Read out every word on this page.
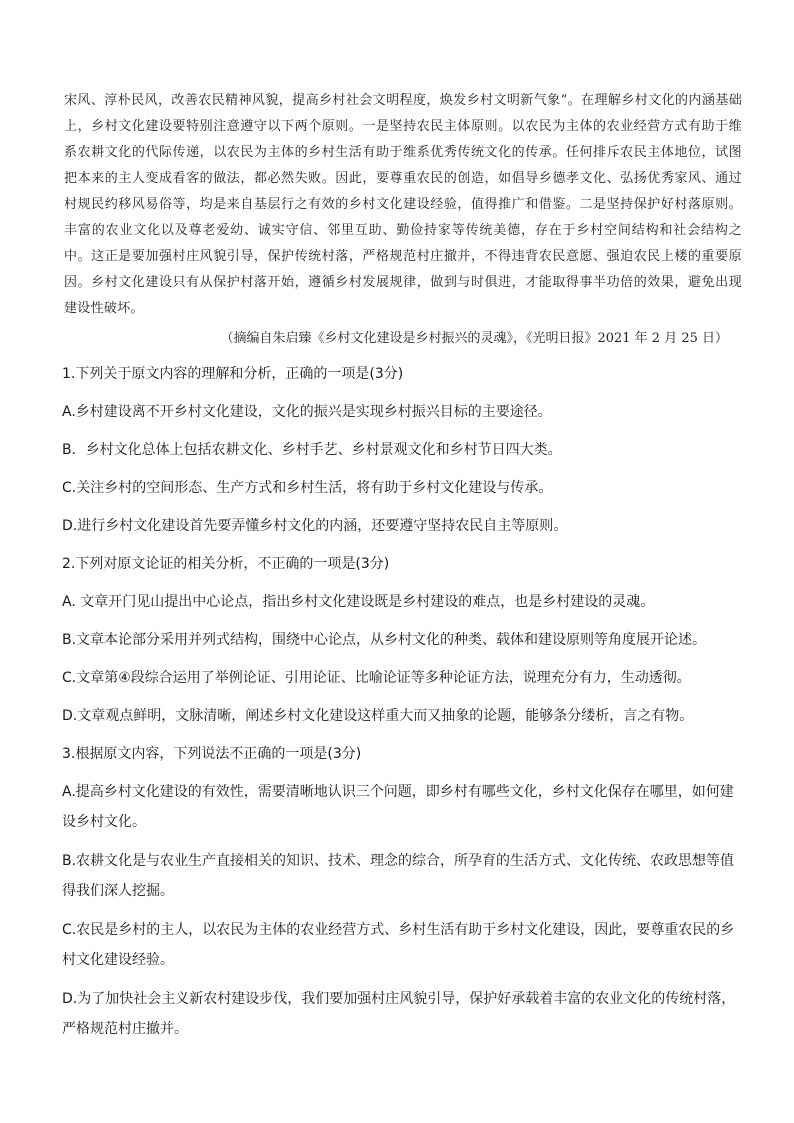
宋风、淳朴民风，改善农民精神风貌，提高乡村社会文明程度，焕发乡村文明新气象”。在理解乡村文化的内涵基础上，乡村文化建设要特别注意遵守以下两个原则。一是坚持农民主体原则。以农民为主体的农业经营方式有助于维系农耕文化的代际传递，以农民为主体的乡村生活有助于维系优秀传统文化的传承。任何排斥农民主体地位，试图把本来的主人变成看客的做法，都必然失败。因此，要尊重农民的创造，如倡导乡德孝文化、弘扬优秀家风、通过村规民约移风易俗等，均是来自基层行之有效的乡村文化建设经验，值得推广和借鉴。二是坚持保护好村落原则。丰富的农业文化以及尊老爱幼、诚实守信、邻里互助、勤俭持家等传统美德，存在于乡村空间结构和社会结构之中。这正是要加强村庄风貌引导，保护传统村落，严格规范村庄撤并，不得违背农民意愿、强迫农民上楼的重要原因。乡村文化建设只有从保护村落开始，遵循乡村发展规律，做到与时俱进，才能取得事半功倍的效果，避免出现建设性破坏。
（摘编自朱启臻《乡村文化建设是乡村振兴的灵魂》，《光明日报》2021 年 2 月 25 日）
1.下列关于原文内容的理解和分析，正确的一项是(3分)
A.乡村建设离不开乡村文化建设，文化的振兴是实现乡村振兴目标的主要途径。
B．乡村文化总体上包括农耕文化、乡村手艺、乡村景观文化和乡村节日四大类。
C.关注乡村的空间形态、生产方式和乡村生活，将有助于乡村文化建设与传承。
D.进行乡村文化建设首先要弄懂乡村文化的内涵，还要遵守坚持农民自主等原则。
2.下列对原文论证的相关分析，不正确的一项是(3分)
A. 文章开门见山提出中心论点，指出乡村文化建设既是乡村建设的难点，也是乡村建设的灵魂。
B.文章本论部分采用并列式结构，围绕中心论点，从乡村文化的种类、载体和建设原则等角度展开论述。
C.文章第④段综合运用了举例论证、引用论证、比喻论证等多种论证方法，说理充分有力，生动透彻。
D.文章观点鲜明，文脉清晰，阐述乡村文化建设这样重大而又抽象的论题，能够条分缕析，言之有物。
3.根据原文内容，下列说法不正确的一项是(3分)
A.提高乡村文化建设的有效性，需要清晰地认识三个问题，即乡村有哪些文化，乡村文化保存在哪里，如何建设乡村文化。
B.农耕文化是与农业生产直接相关的知识、技术、理念的综合，所孕育的生活方式、文化传统、农政思想等值得我们深人挖掘。
C.农民是乡村的主人，以农民为主体的农业经营方式、乡村生活有助于乡村文化建设，因此，要尊重农民的乡村文化建设经验。
D.为了加快社会主义新农村建设步伐，我们要加强村庄风貌引导，保护好承载着丰富的农业文化的传统村落，严格规范村庄撤并。
